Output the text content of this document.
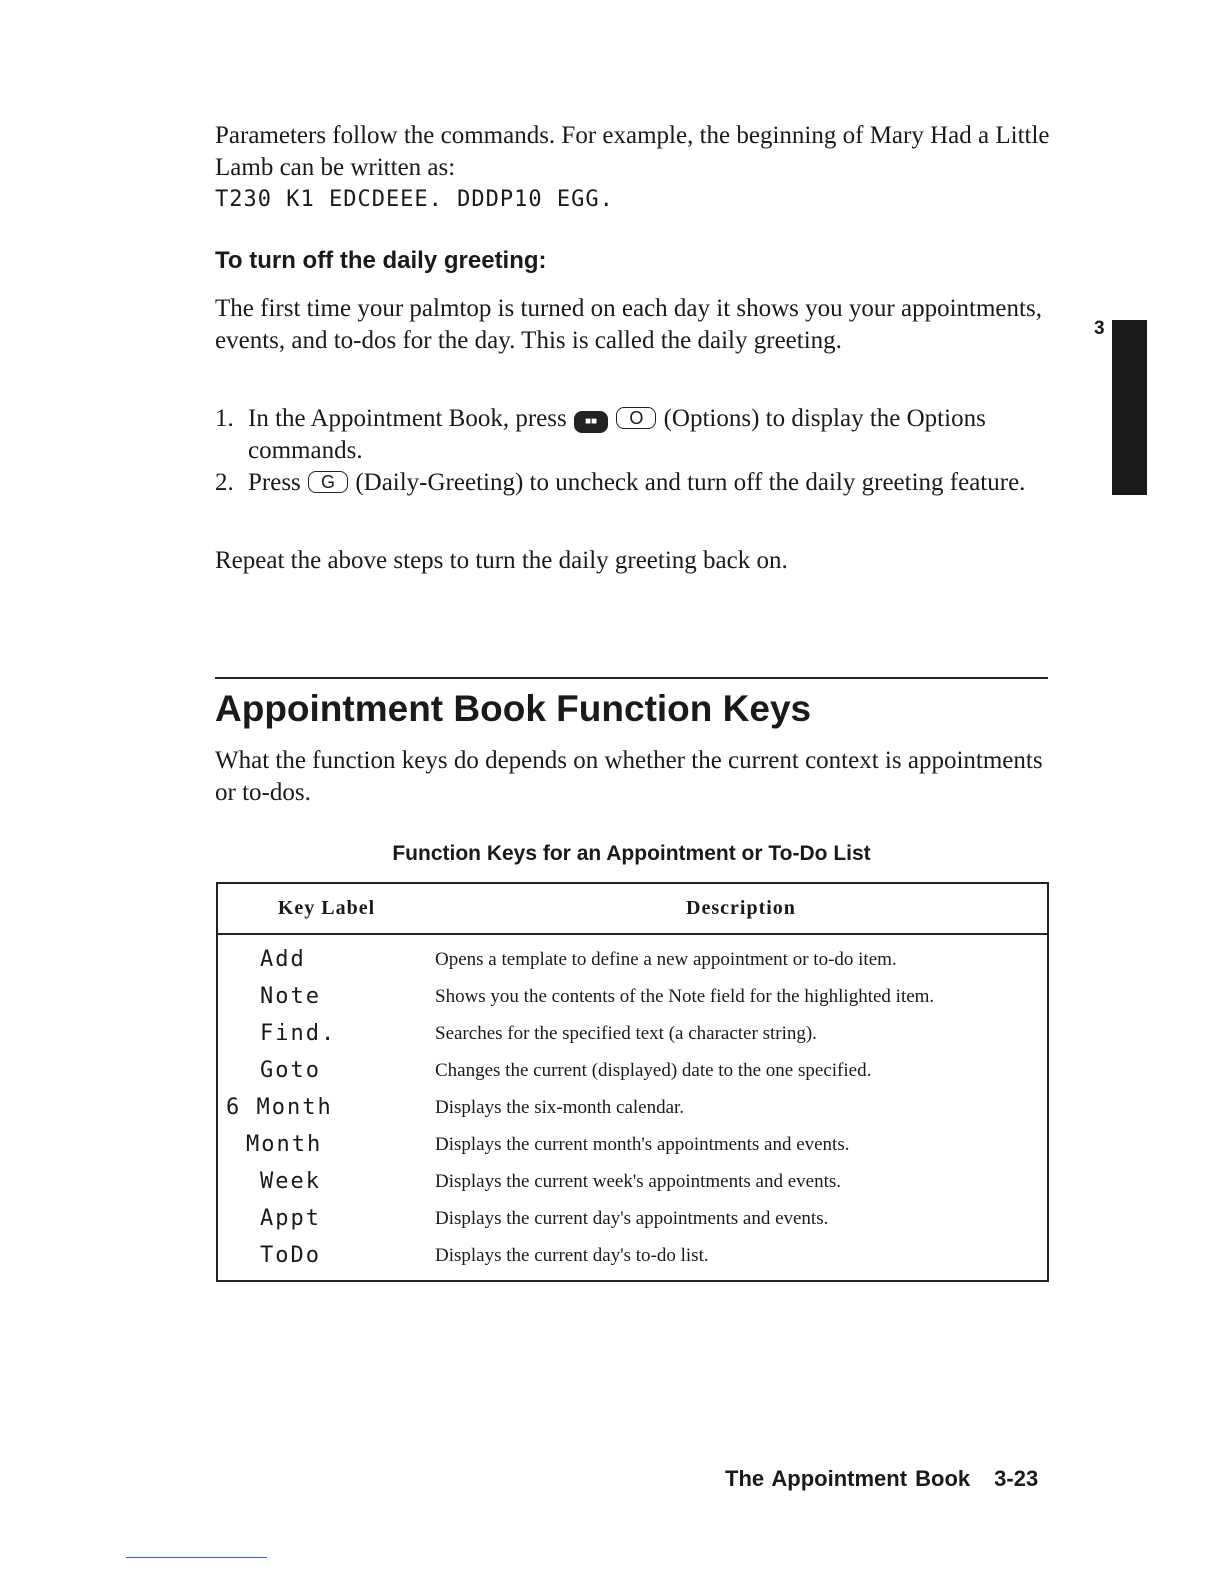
Parameters follow the commands. For example, the beginning of Mary Had a Little Lamb can be written as:

T230 K1 EDCDEEE. DDDP10 EGG.

To turn off the daily greeting:

The first time your palmtop is turned on each day it shows you your appointments, events, and to-dos for the day. This is called the daily greeting.

1. In the Appointment Book, press ■■ O (Options) to display the Options commands.
2. Press G (Daily-Greeting) to uncheck and turn off the daily greeting feature.

Repeat the above steps to turn the daily greeting back on.

3
Appointment Book Function Keys

What the function keys do depends on whether the current context is appointments or to-dos.

Function Keys for an Appointment or To-Do List

Key Label	Description
Add	Opens a template to define a new appointment or to-do item.
Note	Shows you the contents of the Note field for the highlighted item.
Find.	Searches for the specified text (a character string).
Goto	Changes the current (displayed) date to the one specified.
6 Month	Displays the six-month calendar.
Month	Displays the current month's appointments and events.
Week	Displays the current week's appointments and events.
Appt	Displays the current day's appointments and events.
ToDo	Displays the current day's to-do list.
The Appointment Book 3-23
